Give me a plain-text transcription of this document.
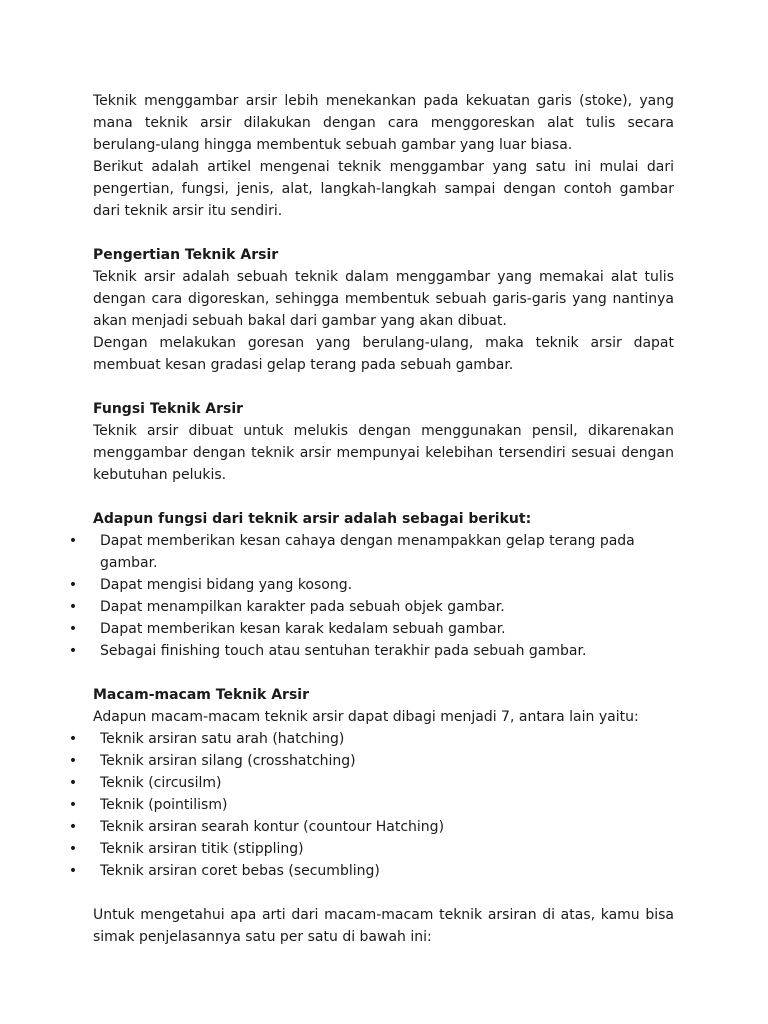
Teknik menggambar arsir lebih menekankan pada kekuatan garis (stoke), yang mana teknik arsir dilakukan dengan cara menggoreskan alat tulis secara berulang-ulang hingga membentuk sebuah gambar yang luar biasa.

Berikut adalah artikel mengenai teknik menggambar yang satu ini mulai dari pengertian, fungsi, jenis, alat, langkah-langkah sampai dengan contoh gambar dari teknik arsir itu sendiri.

Pengertian Teknik Arsir

Teknik arsir adalah sebuah teknik dalam menggambar yang memakai alat tulis dengan cara digoreskan, sehingga membentuk sebuah garis-garis yang nantinya akan menjadi sebuah bakal dari gambar yang akan dibuat.

Dengan melakukan goresan yang berulang-ulang, maka teknik arsir dapat membuat kesan gradasi gelap terang pada sebuah gambar.

Fungsi Teknik Arsir

Teknik arsir dibuat untuk melukis dengan menggunakan pensil, dikarenakan menggambar dengan teknik arsir mempunyai kelebihan tersendiri sesuai dengan kebutuhan pelukis.

Adapun fungsi dari teknik arsir adalah sebagai berikut:

• Dapat memberikan kesan cahaya dengan menampakkan gelap terang pada gambar.
• Dapat mengisi bidang yang kosong.
• Dapat menampilkan karakter pada sebuah objek gambar.
• Dapat memberikan kesan karak kedalam sebuah gambar.
• Sebagai finishing touch atau sentuhan terakhir pada sebuah gambar.

Macam-macam Teknik Arsir

Adapun macam-macam teknik arsir dapat dibagi menjadi 7, antara lain yaitu:

• Teknik arsiran satu arah (hatching)
• Teknik arsiran silang (crosshatching)
• Teknik (circusilm)
• Teknik (pointilism)
• Teknik arsiran searah kontur (countour Hatching)
• Teknik arsiran titik (stippling)
• Teknik arsiran coret bebas (secumbling)

Untuk mengetahui apa arti dari macam-macam teknik arsiran di atas, kamu bisa simak penjelasannya satu per satu di bawah ini:
